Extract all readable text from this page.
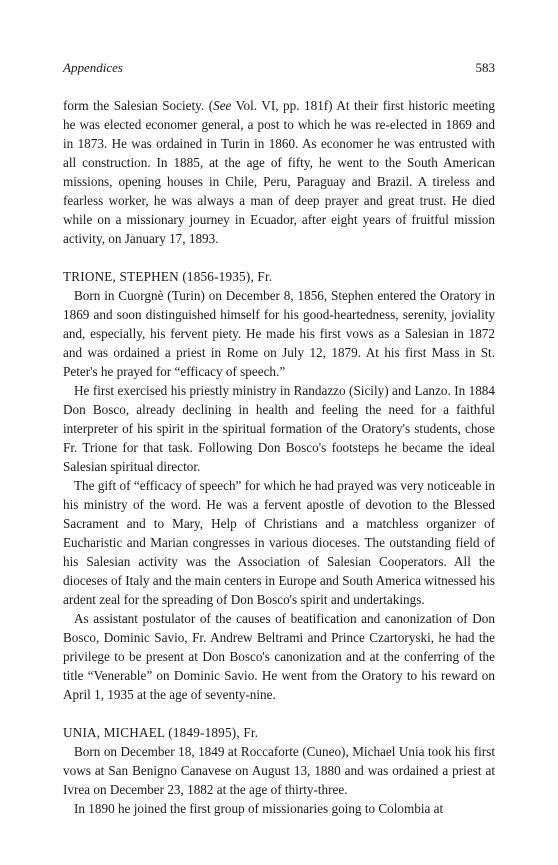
Appendices	583

form the Salesian Society. (See Vol. VI, pp. 181f) At their first historic meeting he was elected economer general, a post to which he was re-elected in 1869 and in 1873. He was ordained in Turin in 1860. As economer he was entrusted with all construction. In 1885, at the age of fifty, he went to the South American missions, opening houses in Chile, Peru, Paraguay and Brazil. A tireless and fearless worker, he was always a man of deep prayer and great trust. He died while on a missionary journey in Ecuador, after eight years of fruitful mission activity, on January 17, 1893.

TRIONE, STEPHEN (1856-1935), Fr.

Born in Cuorgnè (Turin) on December 8, 1856, Stephen entered the Oratory in 1869 and soon distinguished himself for his good-heartedness, serenity, joviality and, especially, his fervent piety. He made his first vows as a Salesian in 1872 and was ordained a priest in Rome on July 12, 1879. At his first Mass in St. Peter's he prayed for “efficacy of speech.”

He first exercised his priestly ministry in Randazzo (Sicily) and Lanzo. In 1884 Don Bosco, already declining in health and feeling the need for a faithful interpreter of his spirit in the spiritual formation of the Oratory's students, chose Fr. Trione for that task. Following Don Bosco's footsteps he became the ideal Salesian spiritual director.

The gift of “efficacy of speech” for which he had prayed was very noticeable in his ministry of the word. He was a fervent apostle of devotion to the Blessed Sacrament and to Mary, Help of Christians and a matchless organizer of Eucharistic and Marian congresses in various dioceses. The outstanding field of his Salesian activity was the Association of Salesian Cooperators. All the dioceses of Italy and the main centers in Europe and South America witnessed his ardent zeal for the spreading of Don Bosco's spirit and undertakings.

As assistant postulator of the causes of beatification and canonization of Don Bosco, Dominic Savio, Fr. Andrew Beltrami and Prince Czartoryski, he had the privilege to be present at Don Bosco's canonization and at the conferring of the title “Venerable” on Dominic Savio. He went from the Oratory to his reward on April 1, 1935 at the age of seventy-nine.

UNIA, MICHAEL (1849-1895), Fr.

Born on December 18, 1849 at Roccaforte (Cuneo), Michael Unia took his first vows at San Benigno Canavese on August 13, 1880 and was ordained a priest at Ivrea on December 23, 1882 at the age of thirty-three.

In 1890 he joined the first group of missionaries going to Colombia at
